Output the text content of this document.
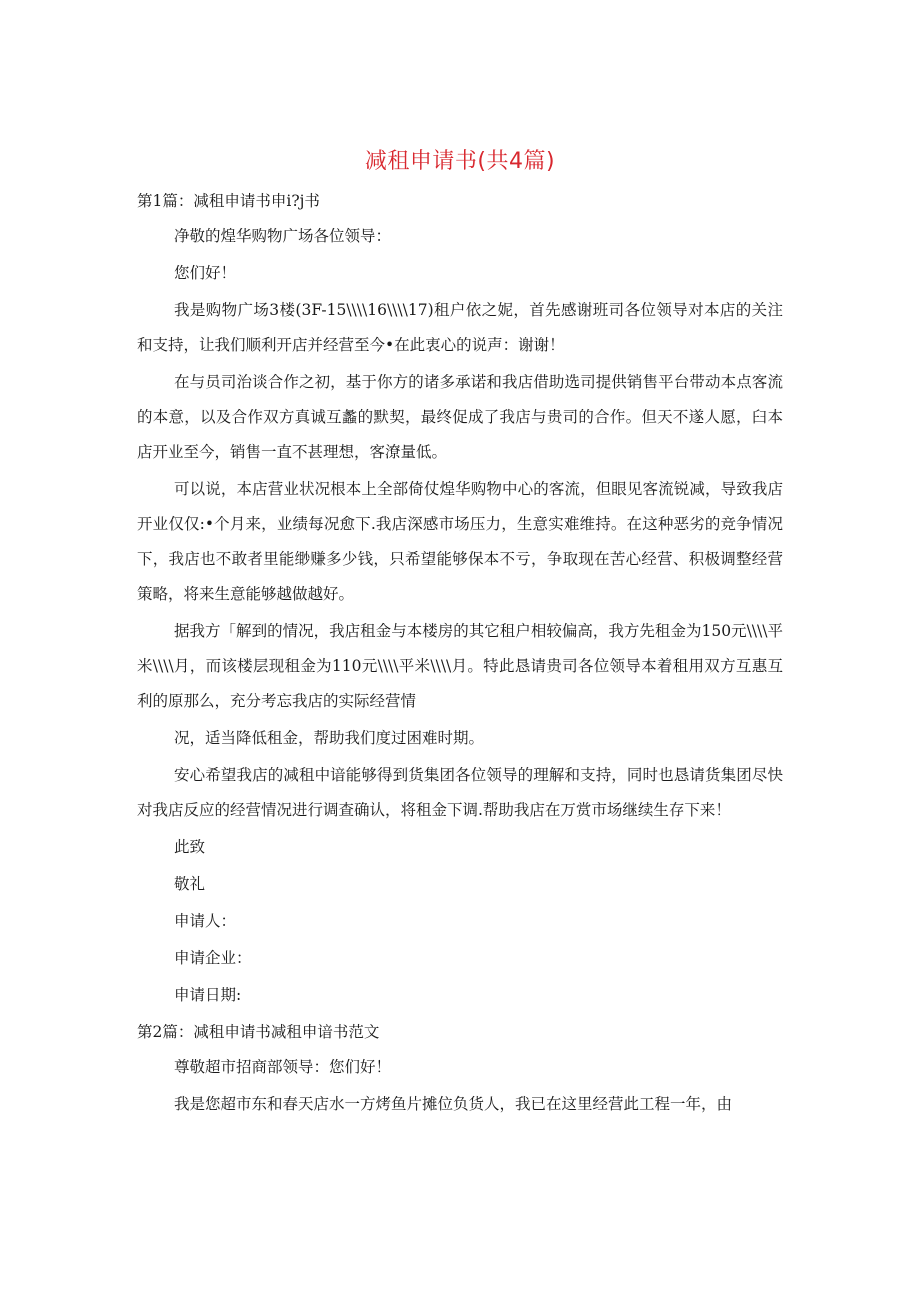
减租申请书(共4篇)

第1篇：减租申请书申i?j书

净敬的煌华购物广场各位领导：

您们好！

我是购物广场3楼(3F-15\\\\16\\\\17)租户依之妮，首先感谢班司各位领导对本店的关注和支持，让我们顺利开店并经营至今•在此衷心的说声：谢谢！

在与员司治谈合作之初，基于你方的诸多承诺和我店借助选司提供销售平台带动本点客流的本意，以及合作双方真诚互蠡的默契，最终促成了我店与贵司的合作。但天不遂人愿，臼本店开业至今，销售一直不甚理想，客潦量低。

可以说，本店营业状况根本上全部倚仗煌华购物中心的客流，但眼见客流锐减，导致我店开业仅仅:•个月来，业绩每况愈下.我店深感市场压力，生意实难维持。在这种恶劣的竞争情况下，我店也不敢者里能缈赚多少钱，只希望能够保本不亏，争取现在苦心经营、积极调整经营策略，将来生意能够越做越好。

据我方「解到的情况，我店租金与本楼房的其它租户相较偏高，我方先租金为150元\\\\平米\\\\月，而该楼层现租金为110元\\\\平米\\\\月。特此恳请贵司各位领导本着租用双方互惠互利的原那么，充分考忘我店的实际经营情

况，适当降低租金，帮助我们度过困难时期。

安心希望我店的减租中谙能够得到货集团各位领导的理解和支持，同时也恳请货集团尽快对我店反应的经营情况进行调查确认，将租金下调.帮助我店在万赏市场继续生存下来！

此致

敬礼

申请人：

申请企业：

申请日期:

第2篇：减租申请书减租申谙书范文

尊敬超市招商部领导：您们好！

我是您超市东和春天店水一方烤鱼片摊位负货人，我已在这里经营此工程一年，由
